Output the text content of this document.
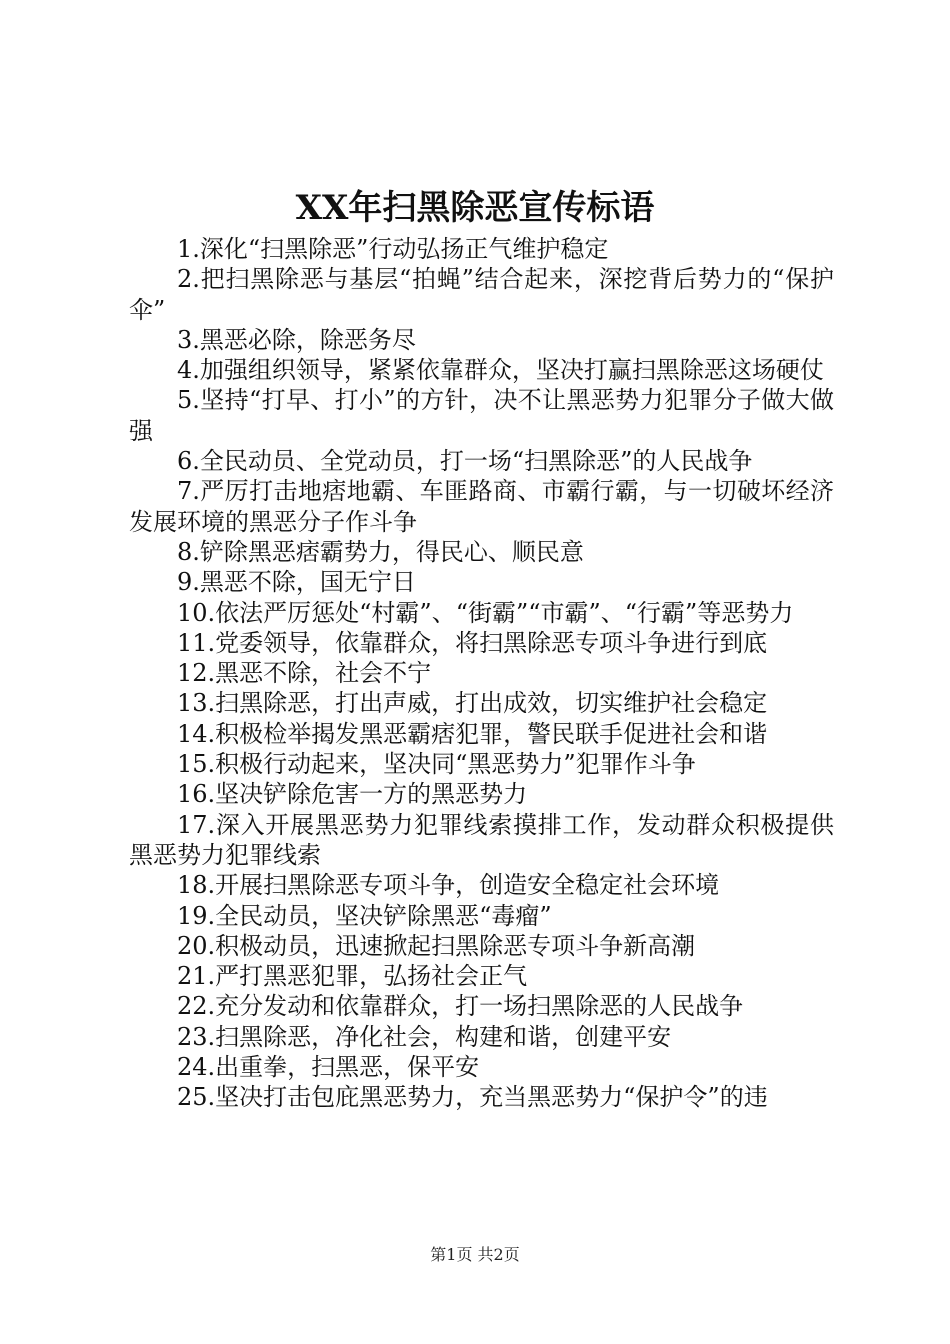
XX年扫黑除恶宣传标语

1.深化“扫黑除恶”行动弘扬正气维护稳定

2.把扫黑除恶与基层“拍蝇”结合起来，深挖背后势力的“保护伞”

3.黑恶必除，除恶务尽

4.加强组织领导，紧紧依靠群众，坚决打赢扫黑除恶这场硬仗

5.坚持“打早、打小”的方针，决不让黑恶势力犯罪分子做大做强

6.全民动员、全党动员，打一场“扫黑除恶”的人民战争

7.严厉打击地痞地霸、车匪路商、市霸行霸，与一切破坏经济发展环境的黑恶分子作斗争

8.铲除黑恶痞霸势力，得民心、顺民意

9.黑恶不除，国无宁日

10.依法严厉惩处“村霸”、“街霸”“市霸”、“行霸”等恶势力

11.党委领导，依靠群众，将扫黑除恶专项斗争进行到底

12.黑恶不除，社会不宁

13.扫黑除恶，打出声威，打出成效，切实维护社会稳定

14.积极检举揭发黑恶霸痞犯罪，警民联手促进社会和谐

15.积极行动起来，坚决同“黑恶势力”犯罪作斗争

16.坚决铲除危害一方的黑恶势力

17.深入开展黑恶势力犯罪线索摸排工作，发动群众积极提供黑恶势力犯罪线索

18.开展扫黑除恶专项斗争，创造安全稳定社会环境

19.全民动员，坚决铲除黑恶“毒瘤”

20.积极动员，迅速掀起扫黑除恶专项斗争新高潮

21.严打黑恶犯罪，弘扬社会正气

22.充分发动和依靠群众，打一场扫黑除恶的人民战争

23.扫黑除恶，净化社会，构建和谐，创建平安

24.出重拳，扫黑恶，保平安

25.坚决打击包庇黑恶势力，充当黑恶势力“保护令”的违

第1页 共2页
